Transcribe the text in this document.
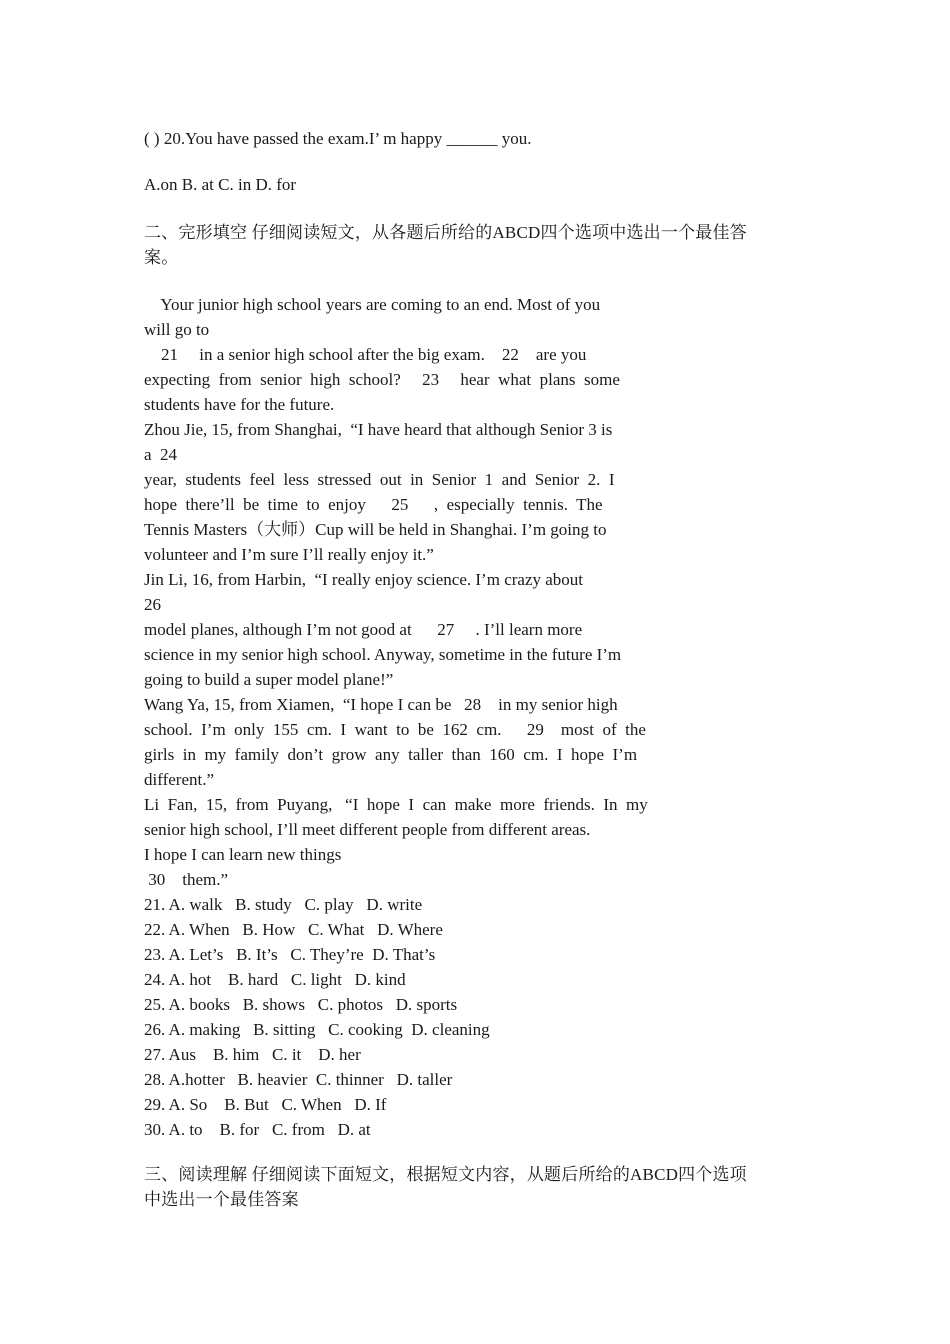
( ) 20.You have passed the exam.I’ m happy ______ you.
A.on B. at C. in D. for
二、完形填空 仔细阅读短文，从各题后所给的ABCD四个选项中选出一个最佳答
案。
Your junior high school years are coming to an end. Most of you
will go to
21     in a senior high school after the big exam.    22    are you
expecting  from  senior  high  school?     23     hear  what  plans  some
students have for the future.
Zhou Jie, 15, from Shanghai,  “I have heard that although Senior 3 is
a  24
year,  students  feel  less  stressed  out  in  Senior  1  and  Senior  2.  I
hope  there’ll  be  time  to  enjoy      25      ,  especially  tennis.  The
Tennis Masters（大师）Cup will be held in Shanghai. I’m going to
volunteer and I’m sure I’ll really enjoy it.”
Jin Li, 16, from Harbin,  “I really enjoy science. I’m crazy about
26
model planes, although I’m not good at      27     . I’ll learn more
science in my senior high school. Anyway, sometime in the future I’m
going to build a super model plane!”
Wang Ya, 15, from Xiamen,  “I hope I can be   28    in my senior high
school.  I’m  only  155  cm.  I  want  to  be  162  cm.      29    most  of  the
girls  in  my  family  don’t  grow  any  taller  than  160  cm.  I  hope  I’m
different.”
Li  Fan,  15,  from  Puyang,   “I  hope  I  can  make  more  friends.  In  my
senior high school, I’ll meet different people from different areas.
I hope I can learn new things
30    them.”
21. A. walk   B. study   C. play   D. write
22. A. When   B. How   C. What   D. Where
23. A. Let’s   B. It’s   C. They’re  D. That’s
24. A. hot    B. hard   C. light   D. kind
25. A. books   B. shows   C. photos   D. sports
26. A. making   B. sitting   C. cooking  D. cleaning
27. Aus    B. him   C. it    D. her
28. A.hotter   B. heavier  C. thinner   D. taller
29. A. So    B. But   C. When   D. If
30. A. to    B. for   C. from   D. at
三、阅读理解 仔细阅读下面短文，根据短文内容，从题后所给的ABCD四个选项
中选出一个最佳答案
